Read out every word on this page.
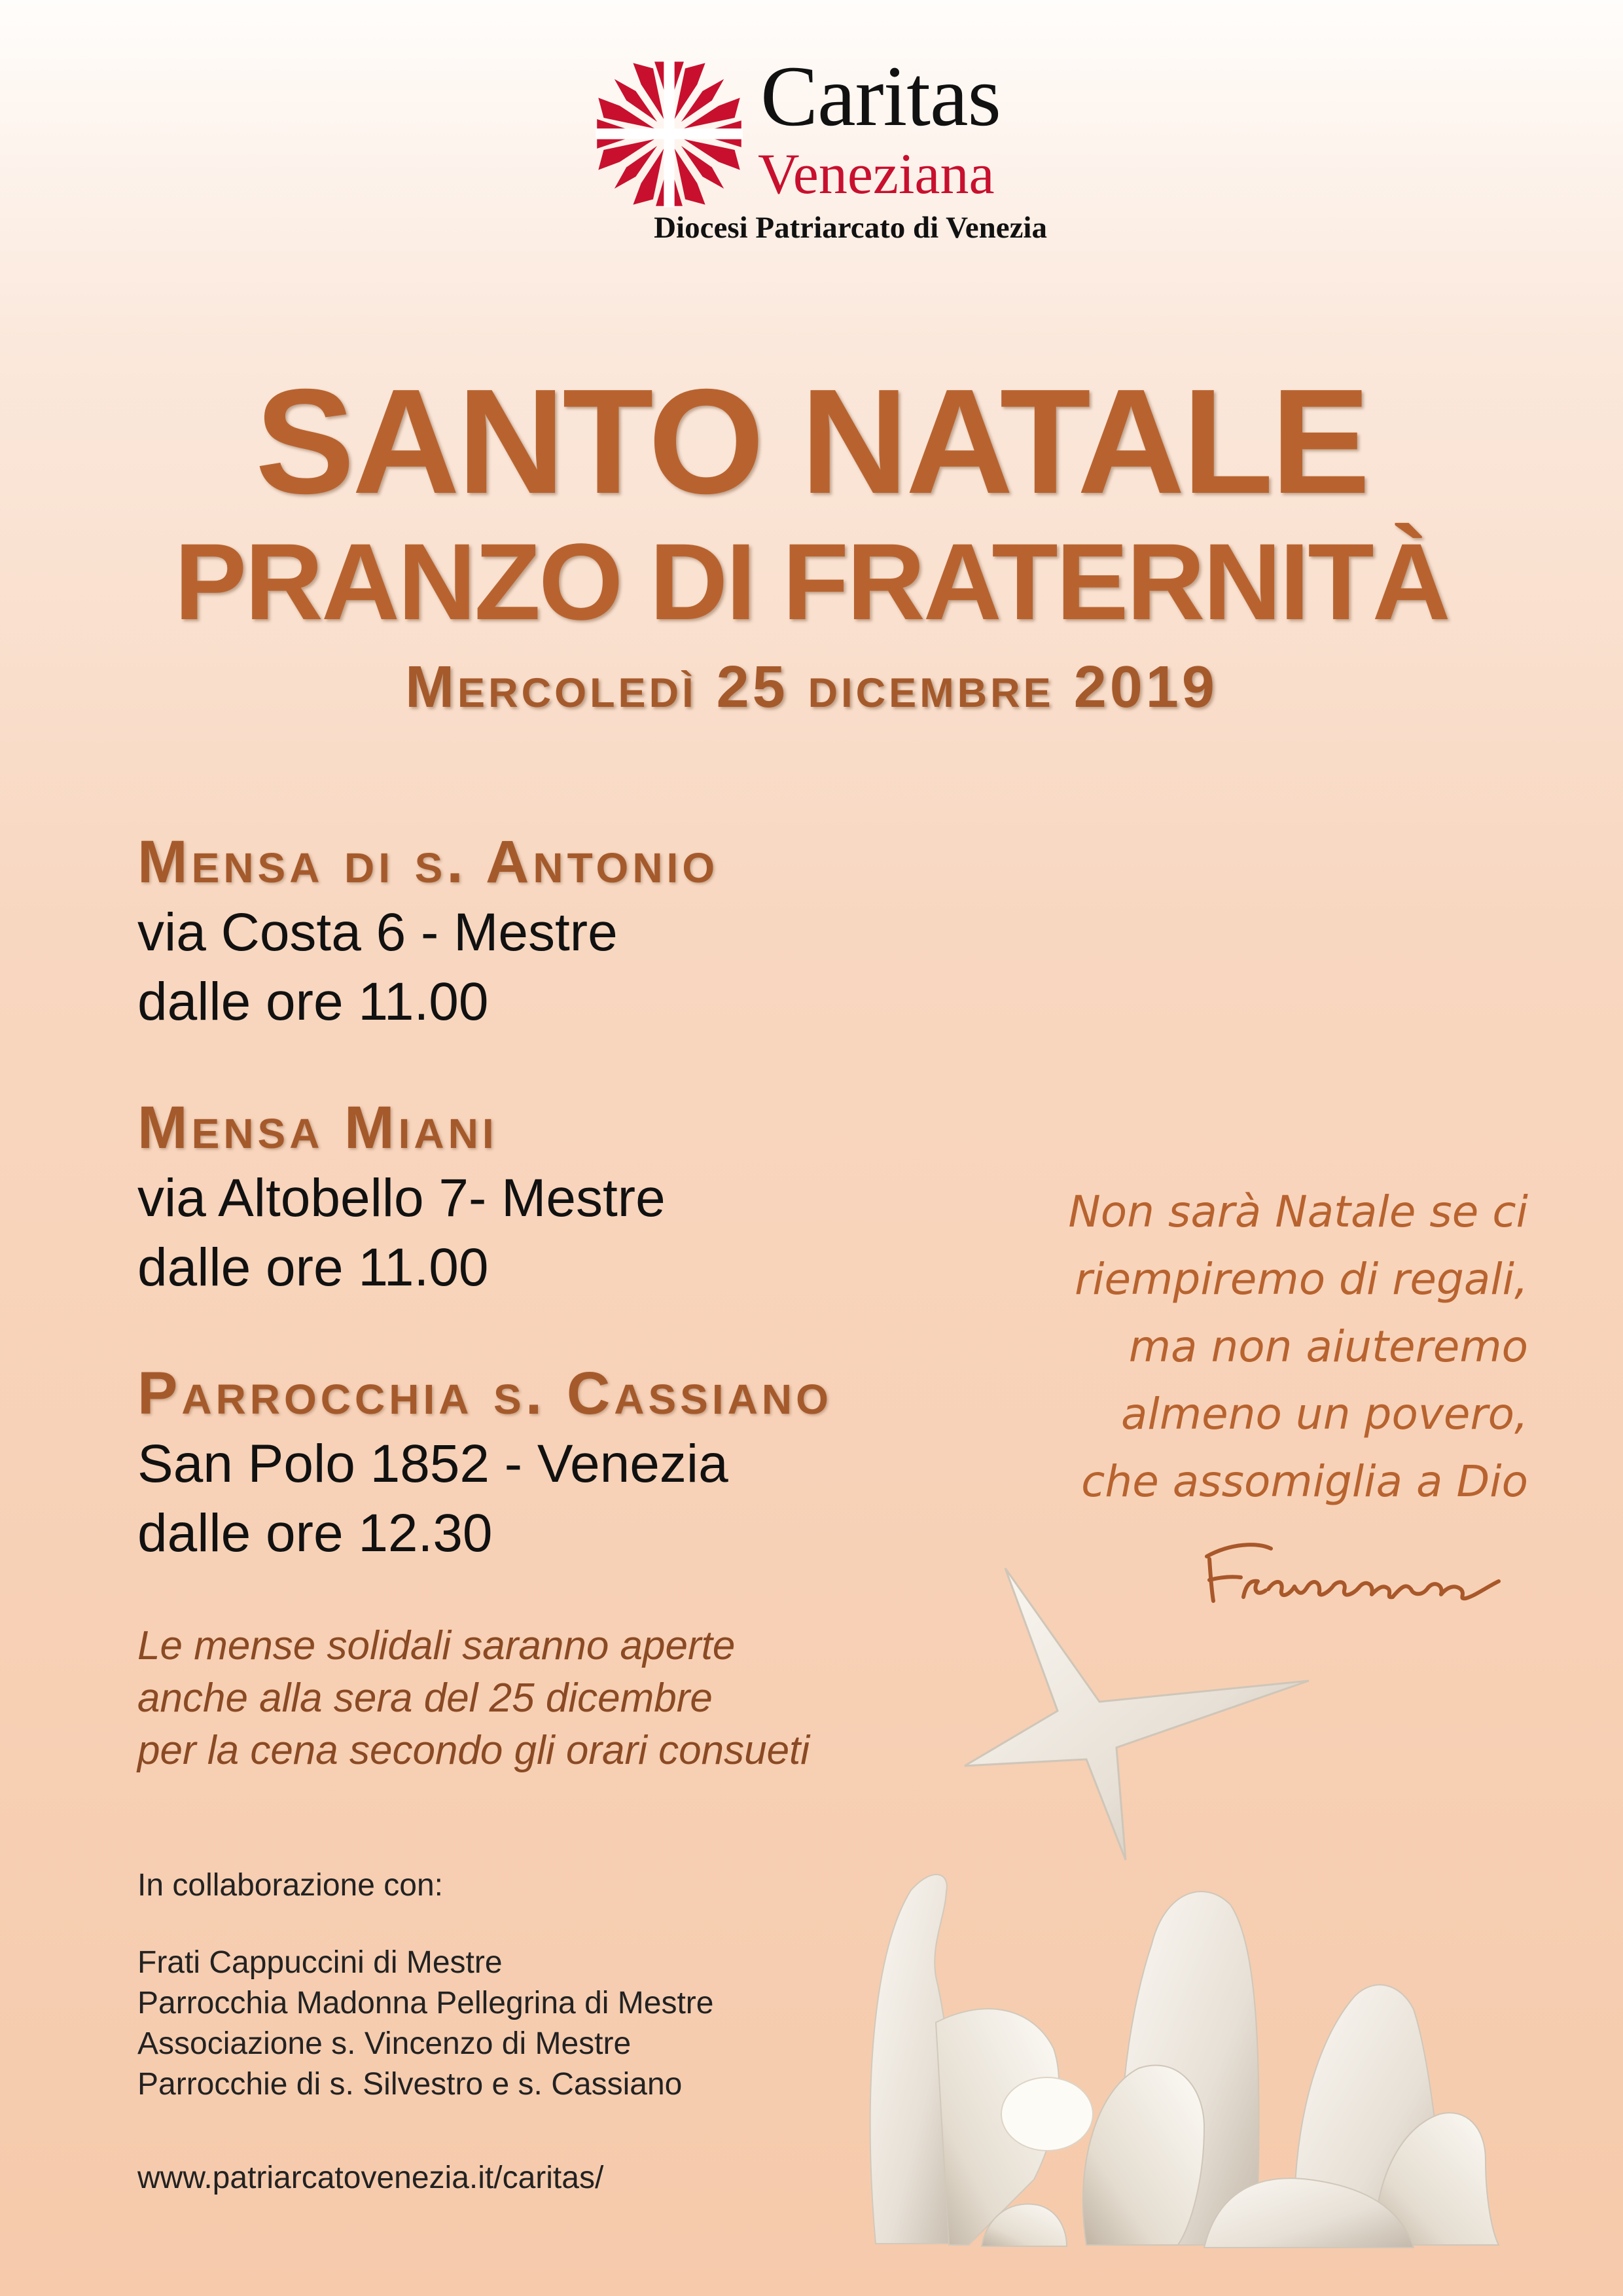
Caritas
Veneziana
Diocesi Patriarcato di Venezia
SANTO NATALE
PRANZO DI FRATERNITÀ
Mercoledì 25 dicembre 2019
Mensa di s. Antonio
via Costa 6 - Mestre
dalle ore 11.00
Mensa Miani
via Altobello 7- Mestre
dalle ore 11.00
Parrocchia s. Cassiano
San Polo 1852 - Venezia
dalle ore 12.30
Le mense solidali saranno aperte
anche alla sera del 25 dicembre
per la cena secondo gli orari consueti
In collaborazione con:
Frati Cappuccini di Mestre
Parrocchia Madonna Pellegrina di Mestre
Associazione s. Vincenzo di Mestre
Parrocchie di s. Silvestro e s. Cassiano
www.patriarcatovenezia.it/caritas/
Non sarà Natale se ci
riempiremo di regali,
ma non aiuteremo
almeno un povero,
che assomiglia a Dio
